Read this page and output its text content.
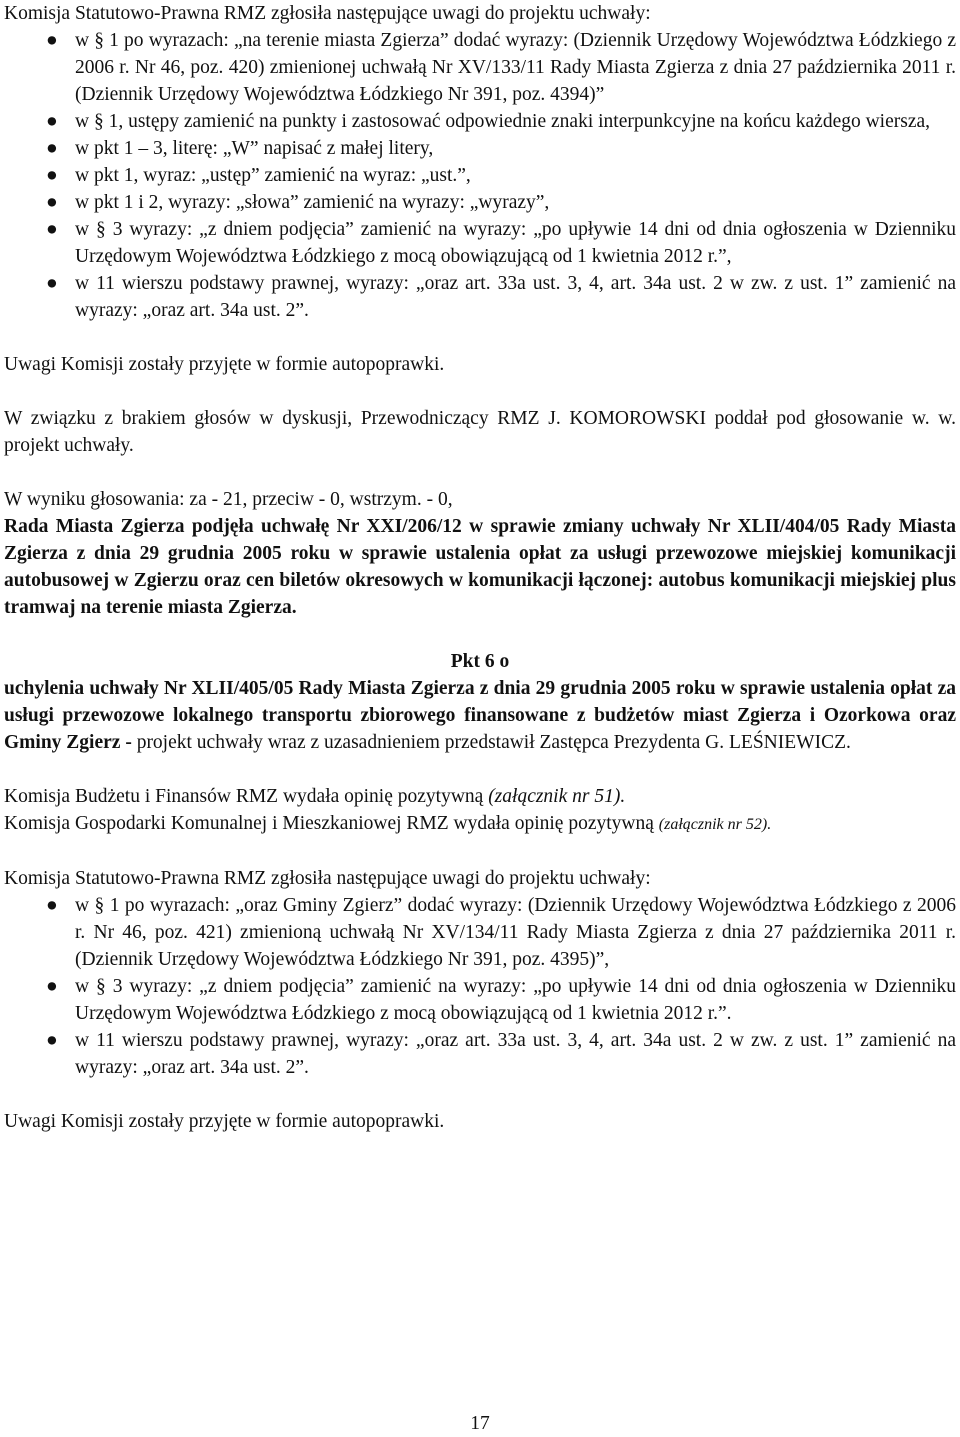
Komisja Statutowo-Prawna RMZ zgłosiła następujące uwagi do projektu uchwały:

● w § 1 po wyrazach: „na terenie miasta Zgierza” dodać wyrazy: (Dziennik Urzędowy Województwa Łódzkiego z 2006 r. Nr 46, poz. 420) zmienionej uchwałą Nr XV/133/11 Rady Miasta Zgierza z dnia 27 października 2011 r. (Dziennik Urzędowy Województwa Łódzkiego Nr 391, poz. 4394)”
● w § 1, ustępy zamienić na punkty i zastosować odpowiednie znaki interpunkcyjne na końcu każdego wiersza,
● w pkt 1 – 3, literę: „W” napisać z małej litery,
● w pkt 1, wyraz: „ustęp” zamienić na wyraz: „ust.”,
● w pkt 1 i 2, wyrazy: „słowa” zamienić na wyrazy: „wyrazy”,
● w § 3 wyrazy: „z dniem podjęcia” zamienić na wyrazy: „po upływie 14 dni od dnia ogłoszenia w Dzienniku Urzędowym Województwa Łódzkiego z mocą obowiązującą od 1 kwietnia 2012 r.”,
● w 11 wierszu podstawy prawnej, wyrazy: „oraz art. 33a ust. 3, 4, art. 34a ust. 2 w zw. z ust. 1” zamienić na wyrazy: „oraz art. 34a ust. 2”.

Uwagi Komisji zostały przyjęte w formie autopoprawki.

W związku z brakiem głosów w dyskusji, Przewodniczący RMZ J. KOMOROWSKI poddał pod głosowanie w. w. projekt uchwały.

W wyniku głosowania: za - 21, przeciw - 0, wstrzym. - 0,

Rada Miasta Zgierza podjęła uchwałę Nr XXI/206/12 w sprawie zmiany uchwały Nr XLII/404/05 Rady Miasta Zgierza z dnia 29 grudnia 2005 roku w sprawie ustalenia opłat za usługi przewozowe miejskiej komunikacji autobusowej w Zgierzu oraz cen biletów okresowych w komunikacji łączonej: autobus komunikacji miejskiej plus tramwaj na terenie miasta Zgierza.

Pkt 6 o

uchylenia uchwały Nr XLII/405/05 Rady Miasta Zgierza z dnia 29 grudnia 2005 roku w sprawie ustalenia opłat za usługi przewozowe lokalnego transportu zbiorowego finansowane z budżetów miast Zgierza i Ozorkowa oraz Gminy Zgierz - projekt uchwały wraz z uzasadnieniem przedstawił Zastępca Prezydenta G. LEŚNIEWICZ.

Komisja Budżetu i Finansów RMZ wydała opinię pozytywną (załącznik nr 51).

Komisja Gospodarki Komunalnej i Mieszkaniowej RMZ wydała opinię pozytywną (załącznik nr 52).

Komisja Statutowo-Prawna RMZ zgłosiła następujące uwagi do projektu uchwały:

● w § 1 po wyrazach: „oraz Gminy Zgierz” dodać wyrazy: (Dziennik Urzędowy Województwa Łódzkiego z 2006 r. Nr 46, poz. 421) zmienioną uchwałą Nr XV/134/11 Rady Miasta Zgierza z dnia 27 października 2011 r. (Dziennik Urzędowy Województwa Łódzkiego Nr 391, poz. 4395)”,
● w § 3 wyrazy: „z dniem podjęcia” zamienić na wyrazy: „po upływie 14 dni od dnia ogłoszenia w Dzienniku Urzędowym Województwa Łódzkiego z mocą obowiązującą od 1 kwietnia 2012 r.”.
● w 11 wierszu podstawy prawnej, wyrazy: „oraz art. 33a ust. 3, 4, art. 34a ust. 2 w zw. z ust. 1” zamienić na wyrazy: „oraz art. 34a ust. 2”.

Uwagi Komisji zostały przyjęte w formie autopoprawki.

17
